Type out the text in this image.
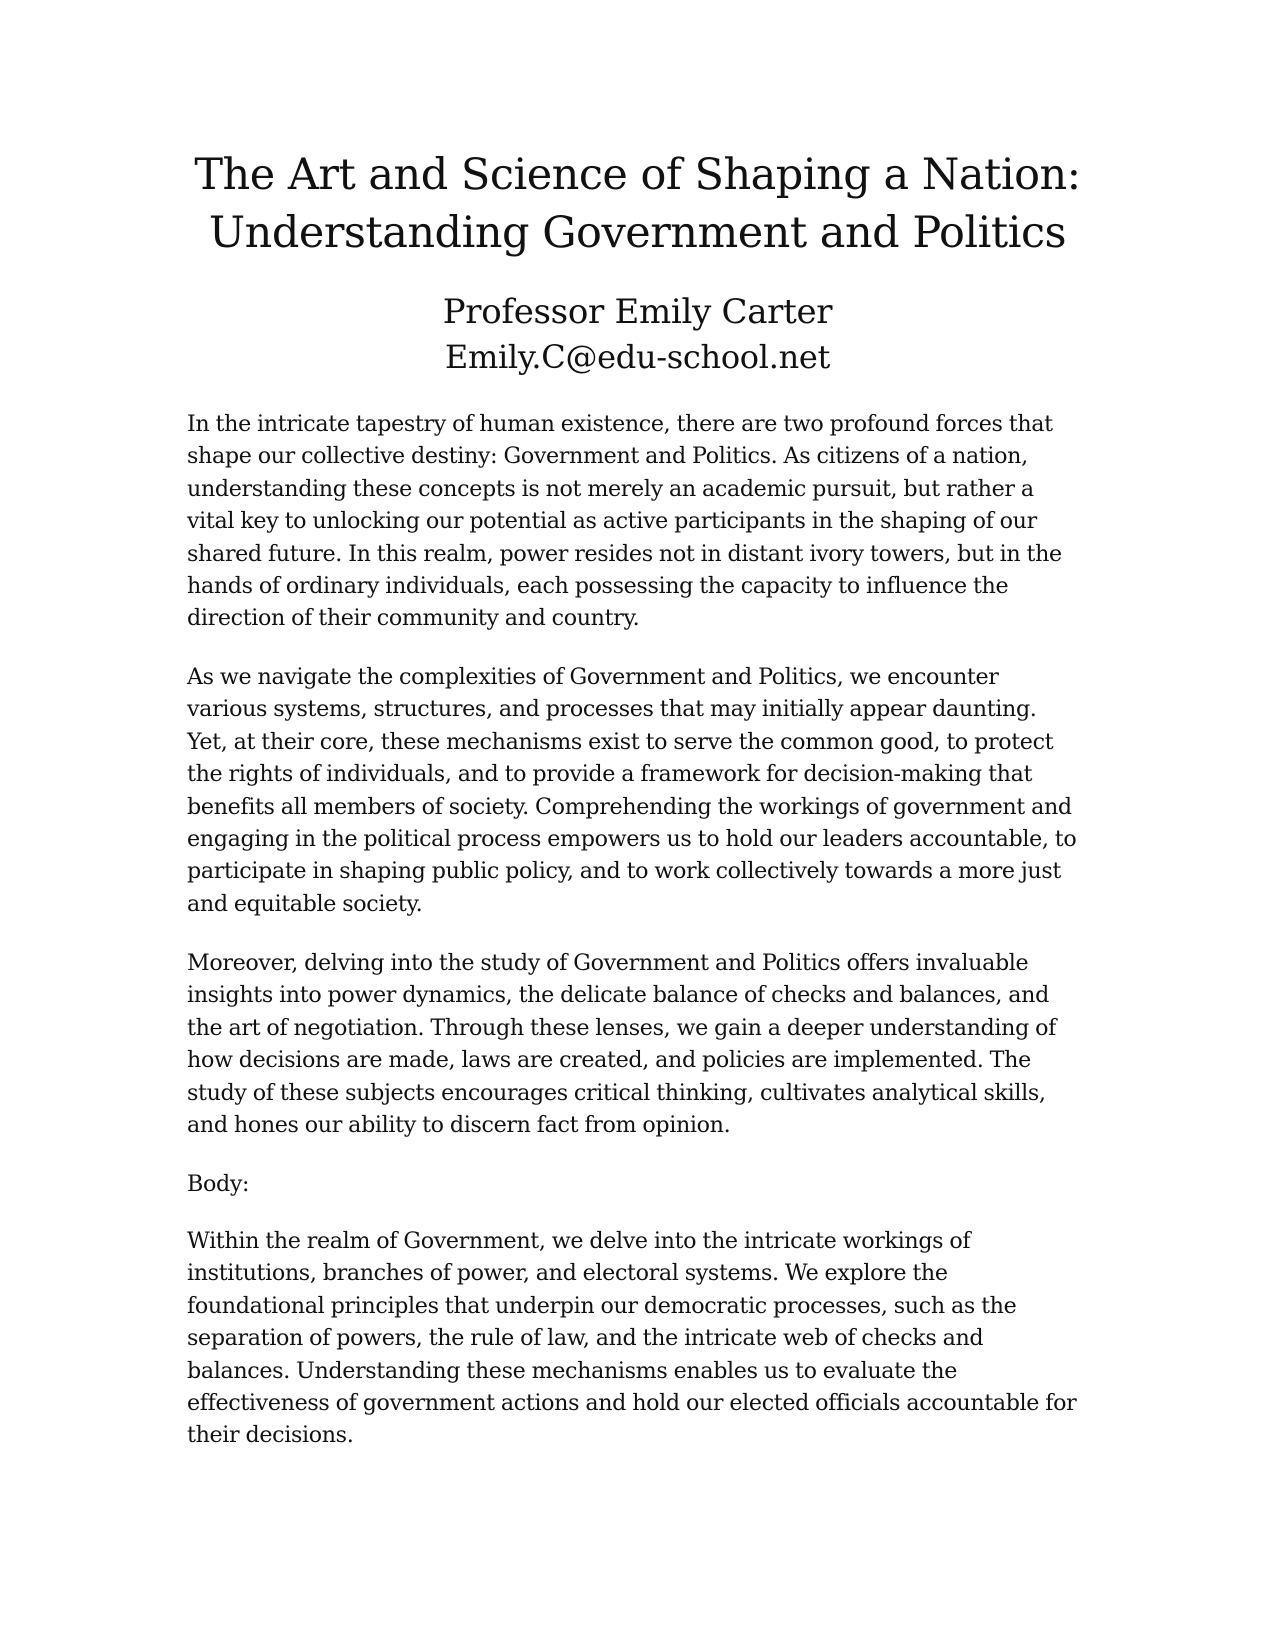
The Art and Science of Shaping a Nation:
Understanding Government and Politics
Professor Emily Carter
Emily.C@edu-school.net
In the intricate tapestry of human existence, there are two profound forces that
shape our collective destiny: Government and Politics. As citizens of a nation,
understanding these concepts is not merely an academic pursuit, but rather a
vital key to unlocking our potential as active participants in the shaping of our
shared future. In this realm, power resides not in distant ivory towers, but in the
hands of ordinary individuals, each possessing the capacity to influence the
direction of their community and country.
As we navigate the complexities of Government and Politics, we encounter
various systems, structures, and processes that may initially appear daunting.
Yet, at their core, these mechanisms exist to serve the common good, to protect
the rights of individuals, and to provide a framework for decision-making that
benefits all members of society. Comprehending the workings of government and
engaging in the political process empowers us to hold our leaders accountable, to
participate in shaping public policy, and to work collectively towards a more just
and equitable society.
Moreover, delving into the study of Government and Politics offers invaluable
insights into power dynamics, the delicate balance of checks and balances, and
the art of negotiation. Through these lenses, we gain a deeper understanding of
how decisions are made, laws are created, and policies are implemented. The
study of these subjects encourages critical thinking, cultivates analytical skills,
and hones our ability to discern fact from opinion.
Body:
Within the realm of Government, we delve into the intricate workings of
institutions, branches of power, and electoral systems. We explore the
foundational principles that underpin our democratic processes, such as the
separation of powers, the rule of law, and the intricate web of checks and
balances. Understanding these mechanisms enables us to evaluate the
effectiveness of government actions and hold our elected officials accountable for
their decisions.
